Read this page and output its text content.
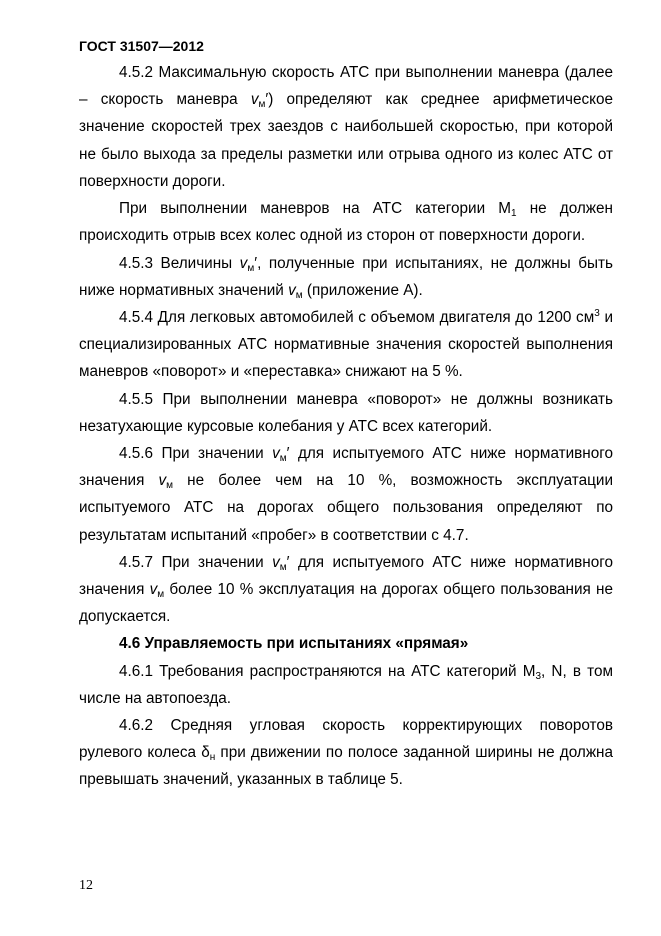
ГОСТ 31507—2012

4.5.2 Максимальную скорость АТС при выполнении маневра (далее – скорость маневра vм′) определяют как среднее арифметическое значение скоростей трех заездов с наибольшей скоростью, при которой не было выхода за пределы разметки или отрыва одного из колес АТС от поверхности дороги.

При выполнении маневров на АТС категории M1 не должен происходить отрыв всех колес одной из сторон от поверхности дороги.

4.5.3 Величины vм′, полученные при испытаниях, не должны быть ниже нормативных значений vм (приложение А).

4.5.4 Для легковых автомобилей с объемом двигателя до 1200 $см^3$ и специализированных АТС нормативные значения скоростей выполнения маневров «поворот» и «переставка» снижают на 5 %.

4.5.5 При выполнении маневра «поворот» не должны возникать незатухающие курсовые колебания у АТС всех категорий.

4.5.6 При значении vм′ для испытуемого АТС ниже нормативного значения vм не более чем на 10 %, возможность эксплуатации испытуемого АТС на дорогах общего пользования определяют по результатам испытаний «пробег» в соответствии с 4.7.

4.5.7 При значении vм′ для испытуемого АТС ниже нормативного значения vм более 10 % эксплуатация на дорогах общего пользования не допускается.

4.6 Управляемость при испытаниях «прямая»

4.6.1 Требования распространяются на АТС категорий M3, N, в том числе на автопоезда.

4.6.2 Средняя угловая скорость корректирующих поворотов рулевого колеса δн при движении по полосе заданной ширины не должна превышать значений, указанных в таблице 5.

12
